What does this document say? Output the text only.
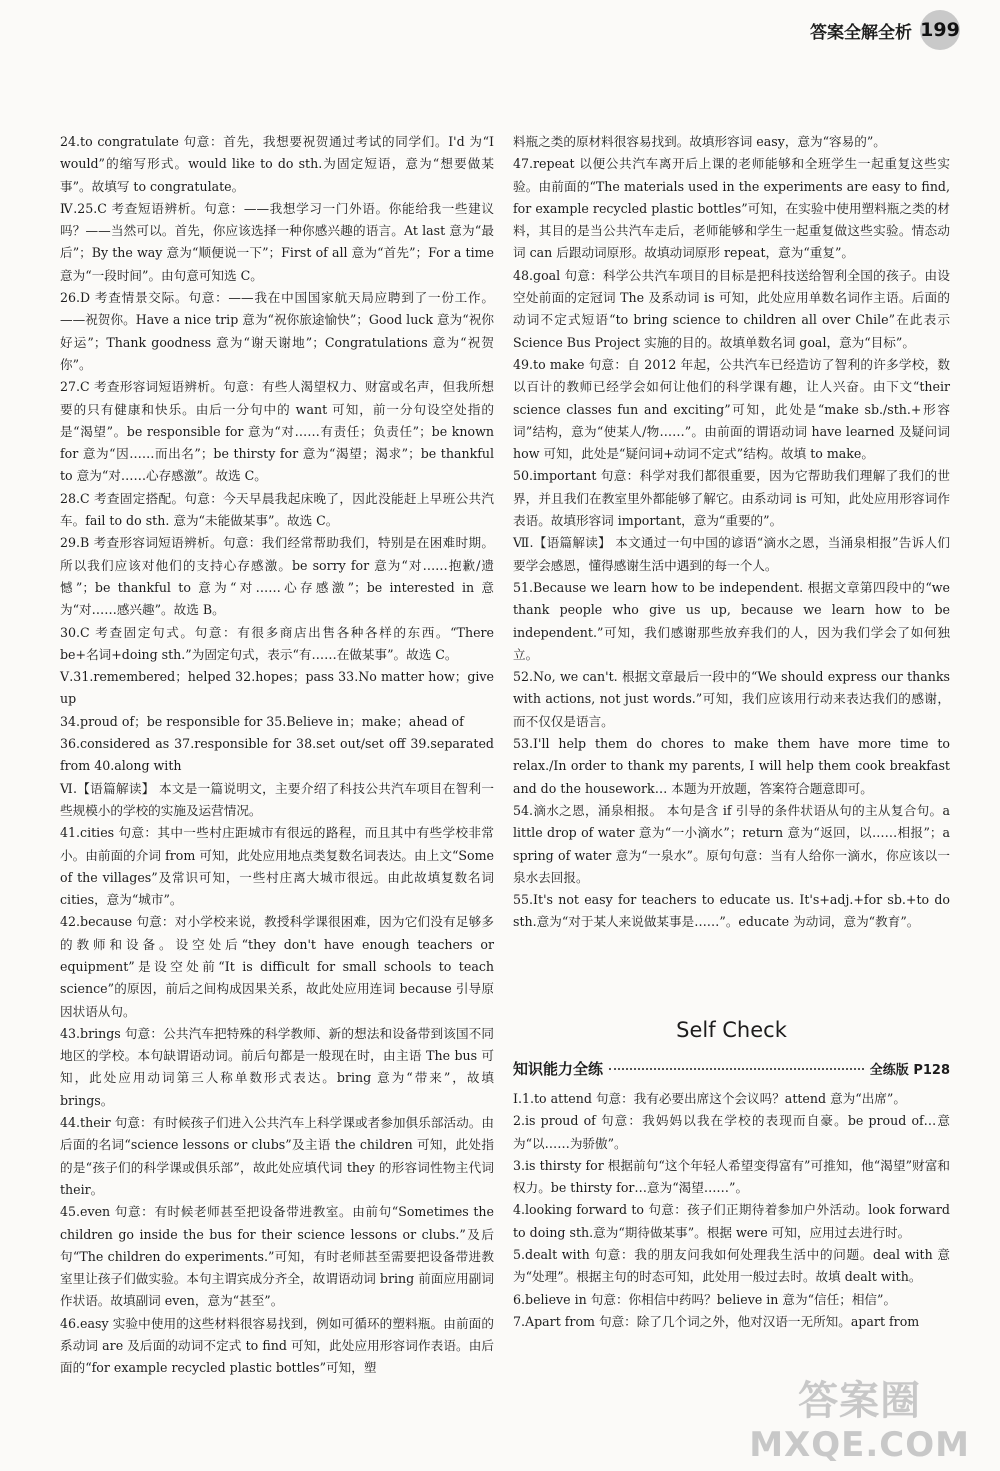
答案全解全析 199

24.to congratulate 句意：首先，我想要祝贺通过考试的同学们。I'd 为“I would”的缩写形式。would like to do sth.为固定短语，意为“想要做某事”。故填写 to congratulate。

Ⅳ.25.C 考查短语辨析。句意：——我想学习一门外语。你能给我一些建议吗？——当然可以。首先，你应该选择一种你感兴趣的语言。At last 意为“最后”；By the way 意为“顺便说一下”；First of all 意为“首先”；For a time 意为“一段时间”。由句意可知选 C。

26.D 考查情景交际。句意：——我在中国国家航天局应聘到了一份工作。——祝贺你。Have a nice trip 意为“祝你旅途愉快”；Good luck 意为“祝你好运”；Thank goodness 意为“谢天谢地”；Congratulations 意为“祝贺你”。

27.C 考查形容词短语辨析。句意：有些人渴望权力、财富或名声，但我所想要的只有健康和快乐。由后一分句中的 want 可知，前一分句设空处指的是“渴望”。be responsible for 意为“对……有责任；负责任”；be known for 意为“因……而出名”；be thirsty for 意为“渴望；渴求”；be thankful to 意为“对……心存感激”。故选 C。

28.C 考查固定搭配。句意：今天早晨我起床晚了，因此没能赶上早班公共汽车。fail to do sth. 意为“未能做某事”。故选 C。

29.B 考查形容词短语辨析。句意：我们经常帮助我们，特别是在困难时期。所以我们应该对他们的支持心存感激。be sorry for 意为“对……抱歉/遗憾”；be thankful to 意为“对……心存感激”；be interested in 意为“对……感兴趣”。故选 B。

30.C 考查固定句式。句意：有很多商店出售各种各样的东西。“There be+名词+doing sth.”为固定句式，表示“有……在做某事”。故选 C。

Ⅴ.31.remembered；helped 32.hopes；pass 33.No matter how；give up

34.proud of；be responsible for 35.Believe in；make；ahead of

36.considered as 37.responsible for 38.set out/set off 39.separated from 40.along with

Ⅵ.【语篇解读】 本文是一篇说明文，主要介绍了科技公共汽车项目在智利一些规模小的学校的实施及运营情况。

41.cities 句意：其中一些村庄距城市有很远的路程，而且其中有些学校非常小。由前面的介词 from 可知，此处应用地点类复数名词表达。由上文“Some of the villages”及常识可知，一些村庄离大城市很远。由此故填复数名词 cities，意为“城市”。

42.because 句意：对小学校来说，教授科学课很困难，因为它们没有足够多的教师和设备。设空处后“they don't have enough teachers or equipment”是设空处前“It is difficult for small schools to teach science”的原因，前后之间构成因果关系，故此处应用连词 because 引导原因状语从句。

43.brings 句意：公共汽车把特殊的科学教师、新的想法和设备带到该国不同地区的学校。本句缺谓语动词。前后句都是一般现在时，由主语 The bus 可知，此处应用动词第三人称单数形式表达。bring 意为“带来”，故填 brings。

44.their 句意：有时候孩子们进入公共汽车上科学课或者参加俱乐部活动。由后面的名词“science lessons or clubs”及主语 the children 可知，此处指的是“孩子们的科学课或俱乐部”，故此处应填代词 they 的形容词性物主代词 their。

45.even 句意：有时候老师甚至把设备带进教室。由前句“Sometimes the children go inside the bus for their science lessons or clubs.”及后句“The children do experiments.”可知，有时老师甚至需要把设备带进教室里让孩子们做实验。本句主谓宾成分齐全，故谓语动词 bring 前面应用副词作状语。故填副词 even，意为“甚至”。

46.easy 实验中使用的这些材料很容易找到，例如可循环的塑料瓶。由前面的系动词 are 及后面的动词不定式 to find 可知，此处应用形容词作表语。由后面的“for example recycled plastic bottles”可知，塑

料瓶之类的原材料很容易找到。故填形容词 easy，意为“容易的”。

47.repeat 以便公共汽车离开后上课的老师能够和全班学生一起重复这些实验。由前面的“The materials used in the experiments are easy to find, for example recycled plastic bottles”可知，在实验中使用塑料瓶之类的材料，其目的是当公共汽车走后，老师能够和学生一起重复做这些实验。情态动词 can 后跟动词原形。故填动词原形 repeat，意为“重复”。

48.goal 句意：科学公共汽车项目的目标是把科技送给智利全国的孩子。由设空处前面的定冠词 The 及系动词 is 可知，此处应用单数名词作主语。后面的动词不定式短语“to bring science to children all over Chile”在此表示 Science Bus Project 实施的目的。故填单数名词 goal，意为“目标”。

49.to make 句意：自 2012 年起，公共汽车已经造访了智利的许多学校，数以百计的教师已经学会如何让他们的科学课有趣，让人兴奋。由下文“their science classes fun and exciting”可知，此处是“make sb./sth.+形容词”结构，意为“使某人/物……”。由前面的谓语动词 have learned 及疑问词 how 可知，此处是“疑问词+动词不定式”结构。故填 to make。

50.important 句意：科学对我们都很重要，因为它帮助我们理解了我们的世界，并且我们在教室里外都能够了解它。由系动词 is 可知，此处应用形容词作表语。故填形容词 important，意为“重要的”。

Ⅶ.【语篇解读】 本文通过一句中国的谚语“滴水之恩，当涌泉相报”告诉人们要学会感恩，懂得感谢生活中遇到的每一个人。

51.Because we learn how to be independent. 根据文章第四段中的“we thank people who give us up, because we learn how to be independent.”可知，我们感谢那些放弃我们的人，因为我们学会了如何独立。

52.No, we can't. 根据文章最后一段中的“We should express our thanks with actions, not just words.”可知，我们应该用行动来表达我们的感谢，而不仅仅是语言。

53.I'll help them do chores to make them have more time to relax./In order to thank my parents, I will help them cook breakfast and do the housework… 本题为开放题，答案符合题意即可。

54.滴水之恩，涌泉相报。 本句是含 if 引导的条件状语从句的主从复合句。a little drop of water 意为“一小滴水”；return 意为“返回，以……相报”；a spring of water 意为“一泉水”。原句句意：当有人给你一滴水，你应该以一泉水去回报。

55.It's not easy for teachers to educate us. It's+adj.+for sb.+to do sth.意为“对于某人来说做某事是……”。educate 为动词，意为“教育”。

Self Check
知识能力全练	全练版 P128

Ⅰ.1.to attend 句意：我有必要出席这个会议吗？attend 意为“出席”。

2.is proud of 句意：我妈妈以我在学校的表现而自豪。be proud of…意为“以……为骄傲”。

3.is thirsty for 根据前句“这个年轻人希望变得富有”可推知，他“渴望”财富和权力。be thirsty for…意为“渴望……”。

4.looking forward to 句意：孩子们正期待着参加户外活动。look forward to doing sth.意为“期待做某事”。根据 were 可知，应用过去进行时。

5.dealt with 句意：我的朋友问我如何处理我生活中的问题。deal with 意为“处理”。根据主句的时态可知，此处用一般过去时。故填 dealt with。

6.believe in 句意：你相信中药吗？believe in 意为“信任；相信”。

7.Apart from 句意：除了几个词之外，他对汉语一无所知。apart from

答案圈
MXQE.COM
